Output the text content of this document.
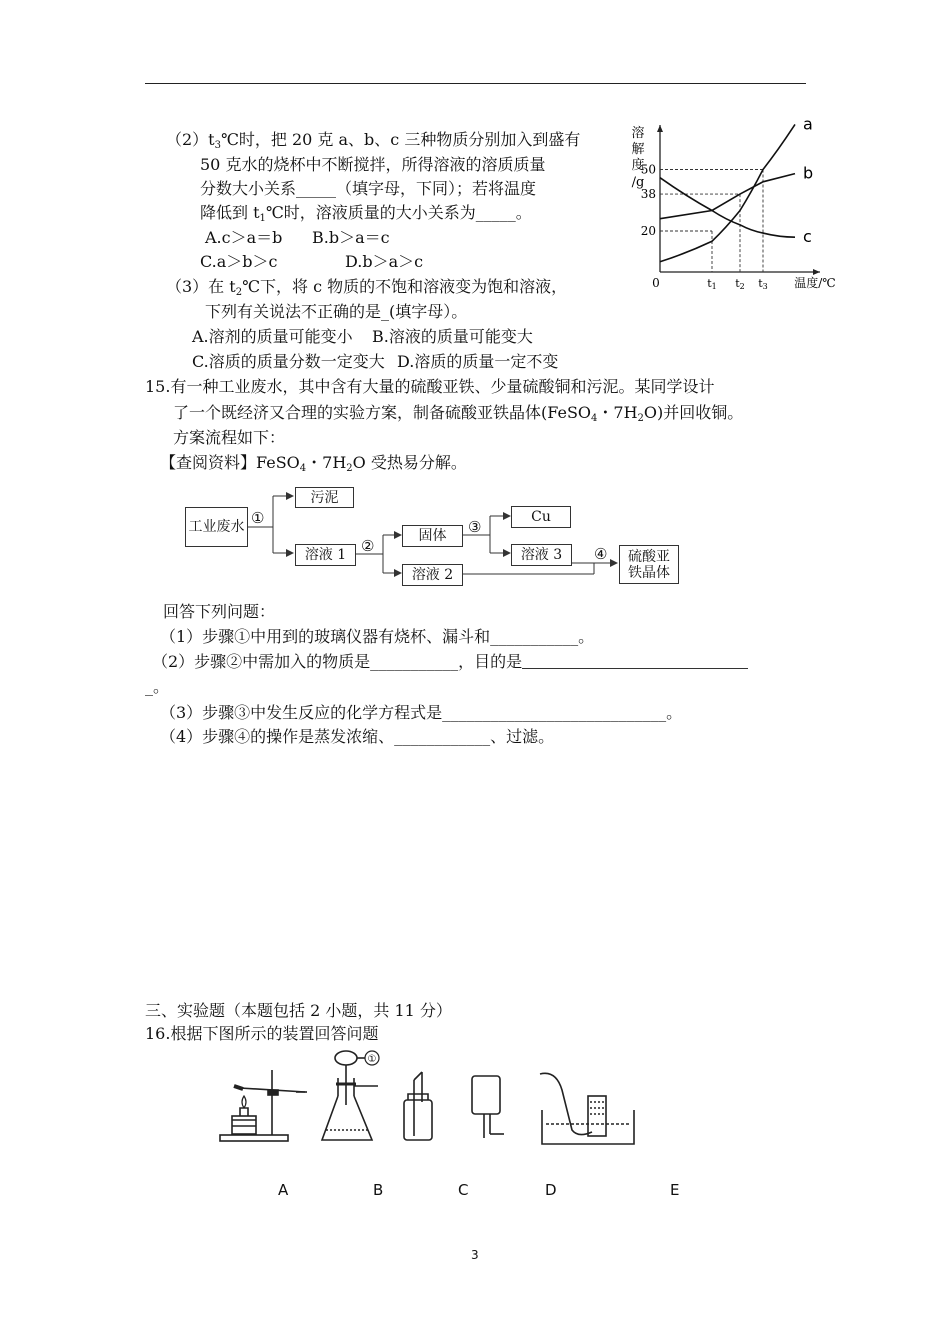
$(2)t_3℃$时，把 20 克 a、b、c 三种物质分别加入到盛有
50 克水的烧杯中不断搅拌，所得溶液的溶质质量
分数大小关系_____（填字母，下同）；若将温度
降低到 $t_1℃$时，溶液质量的大小关系为_____。
A.c＞a＝b B.b＞a＝c
C.a＞b＞c	D.b＞a＞c
（3）在 $t_2℃$下，将 c 物质的不饱和溶液变为饱和溶液，
下列有关说法不正确的是_(填字母）。
A.溶剂的质量可能变小 B.溶液的质量可能变大
C.溶质的质量分数一定变大 D.溶质的质量一定不变
溶
解
度
/g
20
38
50
t1 t2 t3
0	温度/℃
a
b
c
15.有一种工业废水，其中含有大量的硫酸亚铁、少量硫酸铜和污泥。某同学设计
了一个既经济又合理的实验方案，制备硫酸亚铁晶体(FeSO$_4$・$7H_2O$)并回收铜。
方案流程如下：
【查阅资料】FeSO$_4$・$7H_2O$ 受热易分解。
工业废水
污泥
溶液 1
固体
溶液 2
Cu
溶液 3	硫酸亚铁晶体
①
②
③
④
回答下列问题：
（1）步骤①中用到的玻璃仪器有烧杯、漏斗和___________。
（2）步骤②中需加入的物质是___________，目的是
_。
（3）步骤③中发生反应的化学方程式是____________________________。
（4）步骤④的操作是蒸发浓缩、____________、过滤。
三、实验题（本题包括 2 小题，共 11 分）
16.根据下图所示的装置回答问题
①
A	B	C	D	E
3
